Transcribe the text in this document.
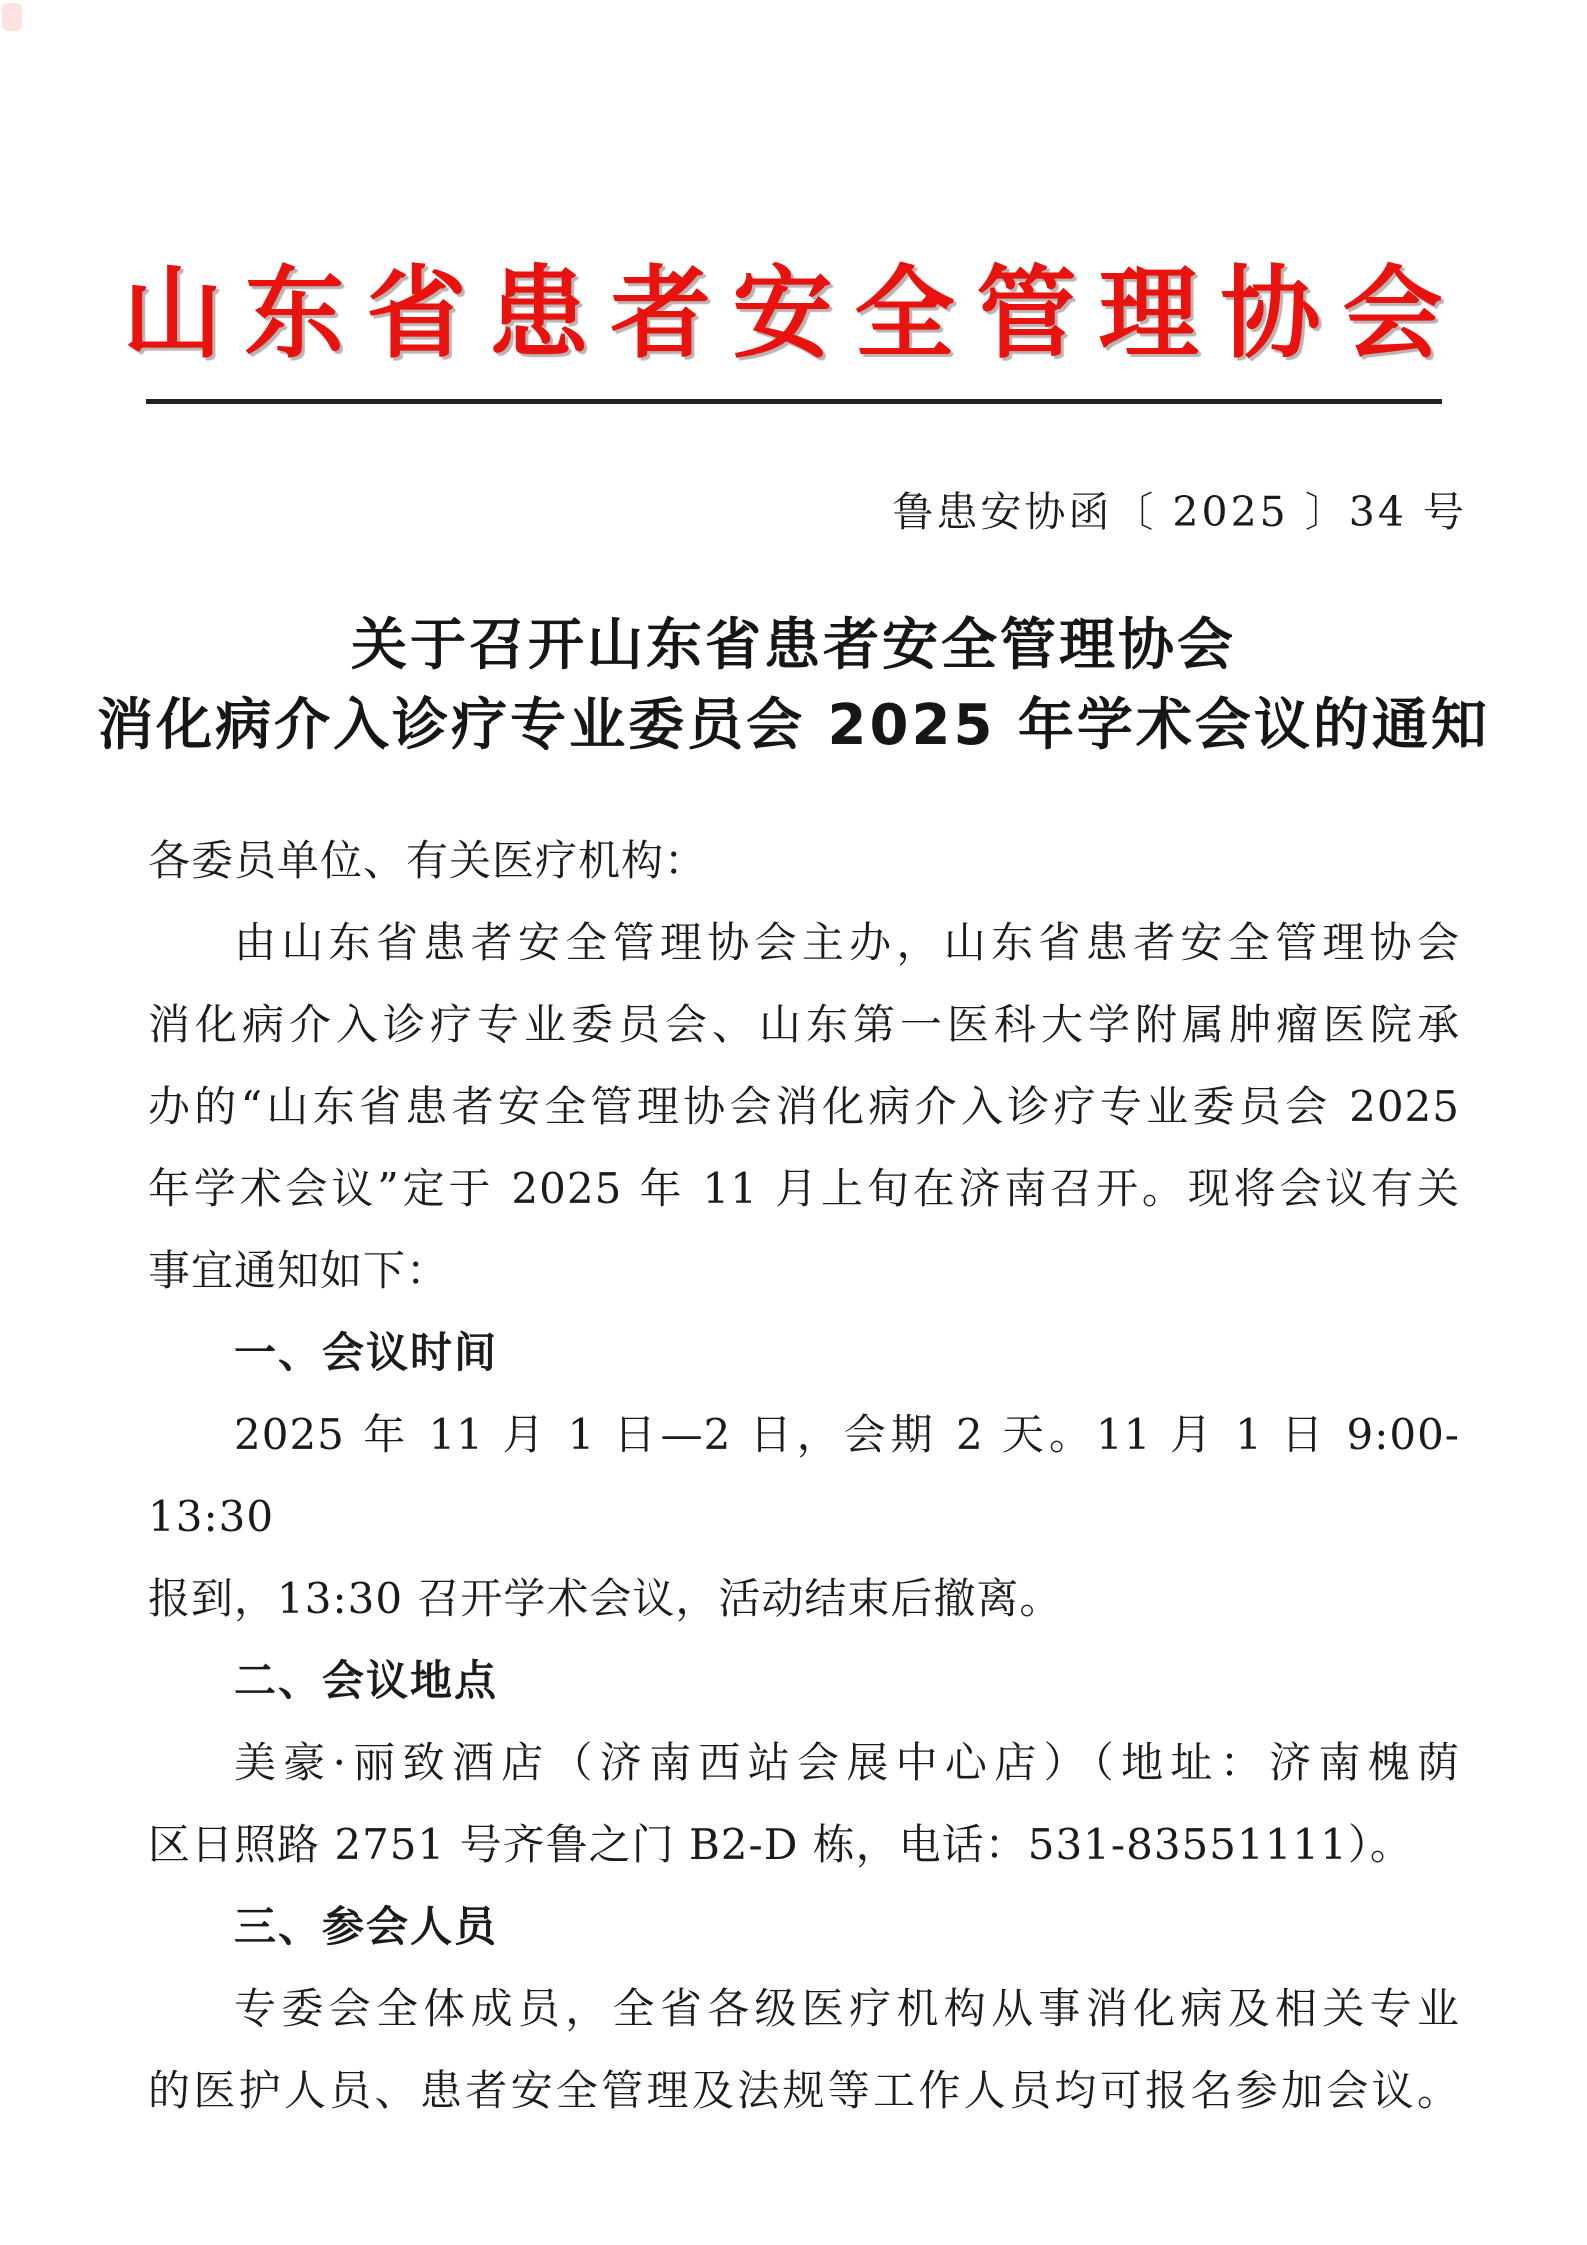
山东省患者安全管理协会
鲁患安协函〔 2025 〕34 号
关于召开山东省患者安全管理协会
消化病介入诊疗专业委员会 2025 年学术会议的通知
各委员单位、有关医疗机构：
由山东省患者安全管理协会主办，山东省患者安全管理协会
消化病介入诊疗专业委员会、山东第一医科大学附属肿瘤医院承
办的“山东省患者安全管理协会消化病介入诊疗专业委员会 2025
年学术会议”定于 2025 年 11 月上旬在济南召开。现将会议有关
事宜通知如下：
一、会议时间
2025 年 11 月 1 日—2 日，会期 2 天。11 月 1 日 9:00-13:30
报到，13:30 召开学术会议，活动结束后撤离。
二、会议地点
美豪·丽致酒店（济南西站会展中心店）（地址：济南槐荫
区日照路 2751 号齐鲁之门 B2-D 栋，电话：531-83551111）。
三、参会人员
专委会全体成员，全省各级医疗机构从事消化病及相关专业
的医护人员、患者安全管理及法规等工作人员均可报名参加会议。
